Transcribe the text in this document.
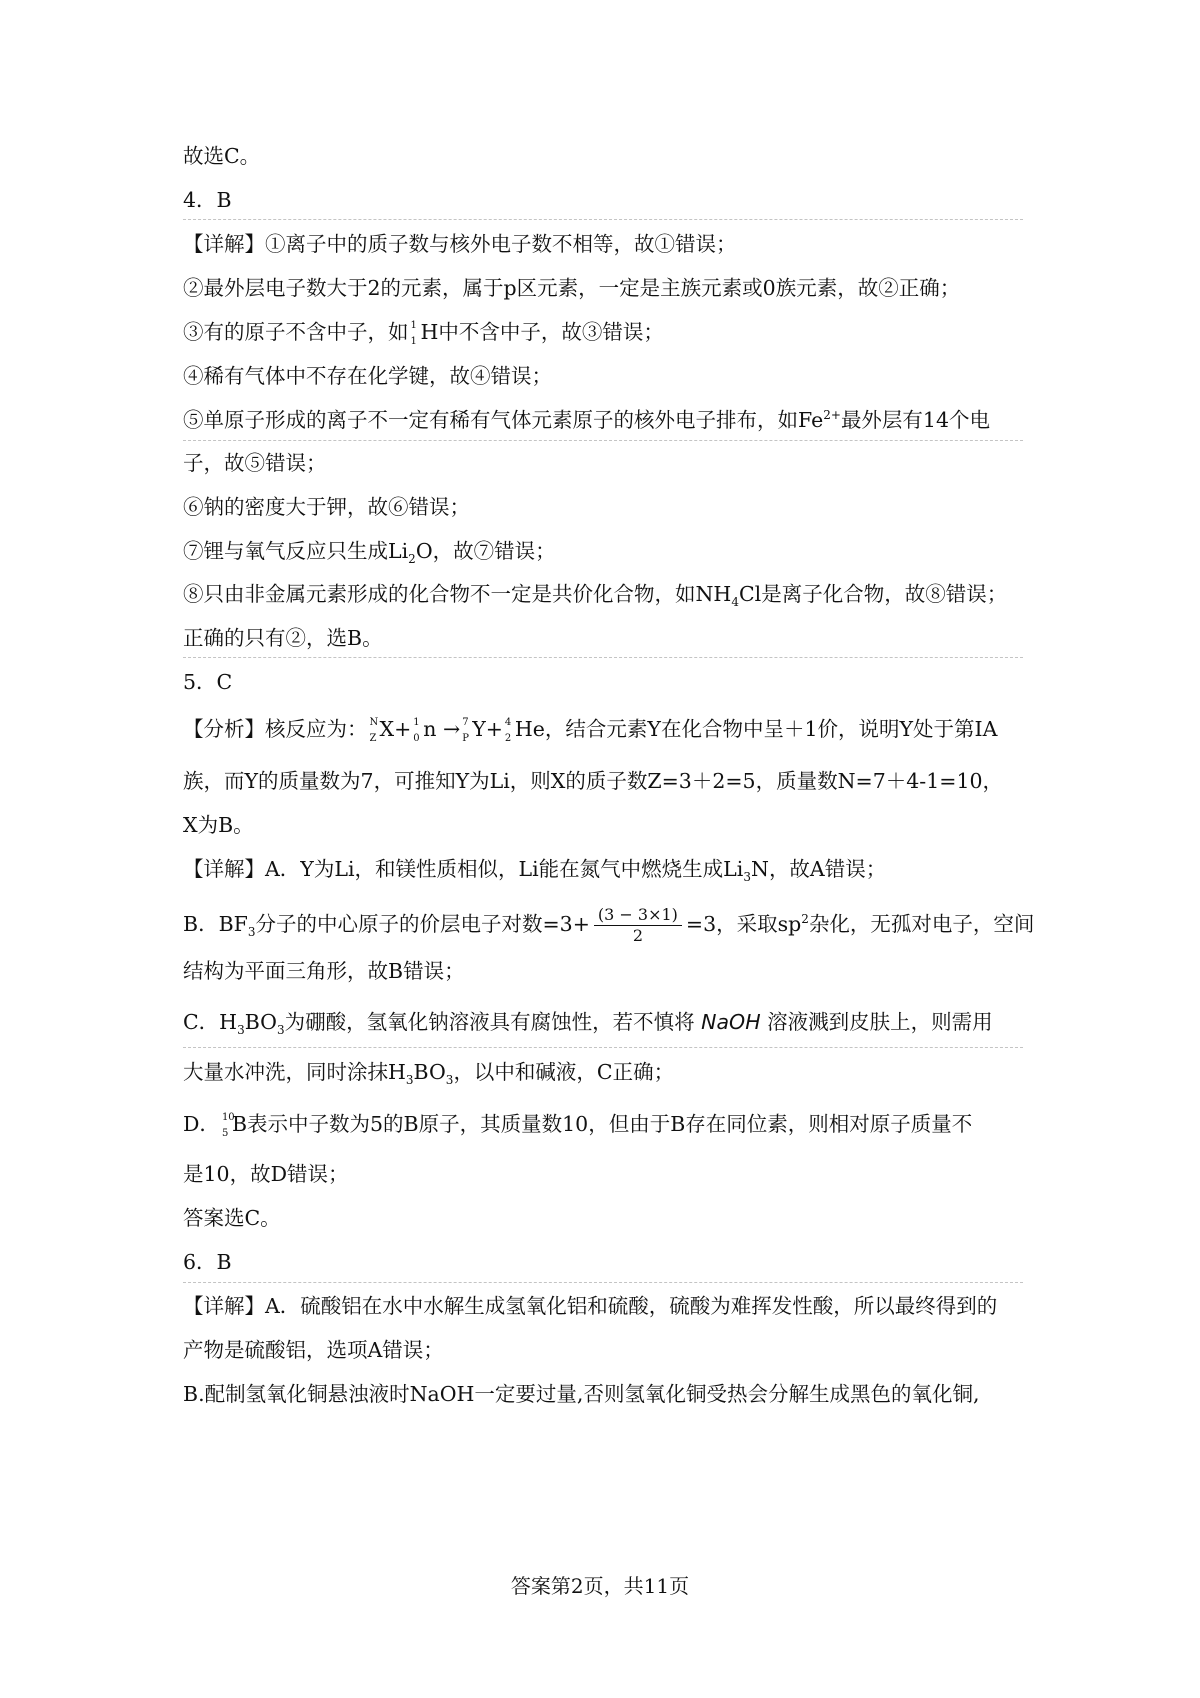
故选C。
4．B
【详解】①离子中的质子数与核外电子数不相等，故①错误；
②最外层电子数大于2的元素，属于p区元素，一定是主族元素或0族元素，故②正确；
③有的原子不含中子，如 1
1 H中不含中子，故③错误；
④稀有气体中不存在化学键，故④错误；
⑤单原子形成的离子不一定有稀有气体元素原子的核外电子排布，如$Fe^{2+}$最外层有14个电
子，故⑤错误；
⑥钠的密度大于钾，故⑥错误；
⑦锂与氧气反应只生成$Li_2O$，故⑦错误；
⑧只由非金属元素形成的化合物不一定是共价化合物，如$NH_4Cl$是离子化合物，故⑧错误；
正确的只有②，选B。
5．C
【分析】核反应为： N
Z X+ 1
0 n → 7
P Y+ 4
2 He，结合元素Y在化合物中呈＋1价，说明Y处于第ⅠA
族，而Y的质量数为7，可推知Y为Li，则X的质子数Z=3＋2=5，质量数N=7＋4-1=10，
X为B。
【详解】A．Y为Li，和镁性质相似，Li能在氮气中燃烧生成$Li_3N$，故A错误；
B．$BF_3$分子的中心原子的价层电子对数$=3+ \frac{(3 - 3\times 1)}{2} =3$，采取$sp^2$杂化，无孤对电子，空间
结构为平面三角形，故B错误；
C．$H_3BO_3$为硼酸，氢氧化钠溶液具有腐蚀性，若不慎将 NaOH 溶液溅到皮肤上，则需用
大量水冲洗，同时涂抹$H_3BO_3$，以中和碱液，C正确；
D． 10
5 B表示中子数为5的B原子，其质量数10，但由于B存在同位素，则相对原子质量不
是10，故D错误；
答案选C。
6．B
【详解】A．硫酸铝在水中水解生成氢氧化铝和硫酸，硫酸为难挥发性酸，所以最终得到的
产物是硫酸铝，选项A错误；
B.配制氢氧化铜悬浊液时NaOH一定要过量,否则氢氧化铜受热会分解生成黑色的氧化铜,
答案第2页，共11页
